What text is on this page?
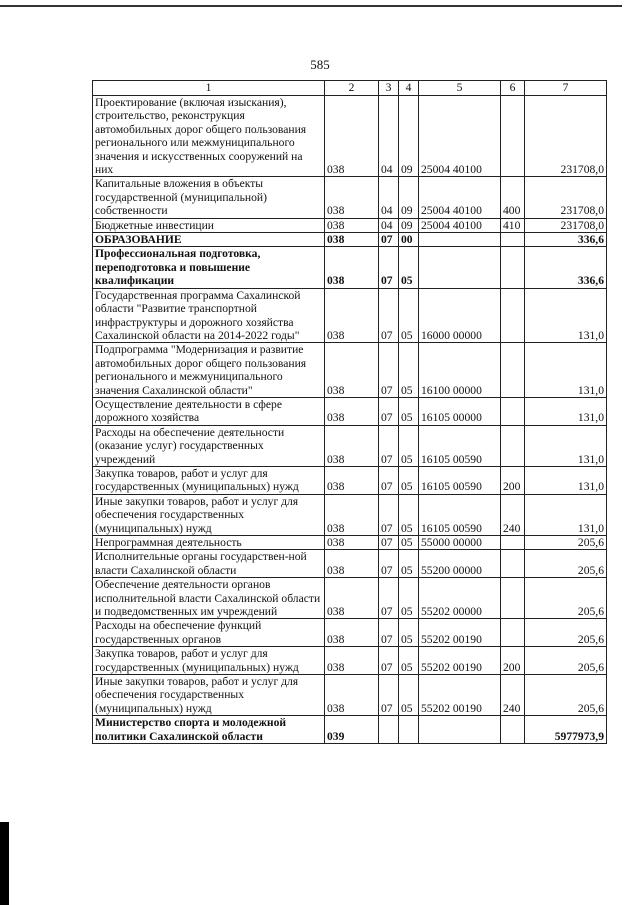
585
1	2	3	4	5	6	7
Проектирование (включая изыскания), строительство, реконструкция автомобильных дорог общего пользования регионального или межмуниципального значения и искусственных сооружений на них	038	04	09	25004 40100		231708,0
Капитальные вложения в объекты государственной (муниципальной) собственности	038	04	09	25004 40100	400	231708,0
Бюджетные инвестиции	038	04	09	25004 40100	410	231708,0
ОБРАЗОВАНИЕ	038	07	00			336,6
Профессиональная подготовка, переподготовка и повышение квалификации	038	07	05			336,6
Государственная программа Сахалинской области "Развитие транспортной инфраструктуры и дорожного хозяйства Сахалинской области на 2014-2022 годы"	038	07	05	16000 00000		131,0
Подпрограмма "Модернизация и развитие автомобильных дорог общего пользования регионального и межмуниципального значения Сахалинской области"	038	07	05	16100 00000		131,0
Осуществление деятельности в сфере дорожного хозяйства	038	07	05	16105 00000		131,0
Расходы на обеспечение деятельности (оказание услуг) государственных учреждений	038	07	05	16105 00590		131,0
Закупка товаров, работ и услуг для государственных (муниципальных) нужд	038	07	05	16105 00590	200	131,0
Иные закупки товаров, работ и услуг для обеспечения государственных (муниципальных) нужд	038	07	05	16105 00590	240	131,0
Непрограммная деятельность	038	07	05	55000 00000		205,6
Исполнительные органы государствен-ной власти Сахалинской области	038	07	05	55200 00000		205,6
Обеспечение деятельности органов исполнительной власти Сахалинской области и подведомственных им учреждений	038	07	05	55202 00000		205,6
Расходы на обеспечение функций государственных органов	038	07	05	55202 00190		205,6
Закупка товаров, работ и услуг для государственных (муниципальных) нужд	038	07	05	55202 00190	200	205,6
Иные закупки товаров, работ и услуг для обеспечения государственных (муниципальных) нужд	038	07	05	55202 00190	240	205,6
Министерство спорта и молодежной политики Сахалинской области	039					5977973,9
